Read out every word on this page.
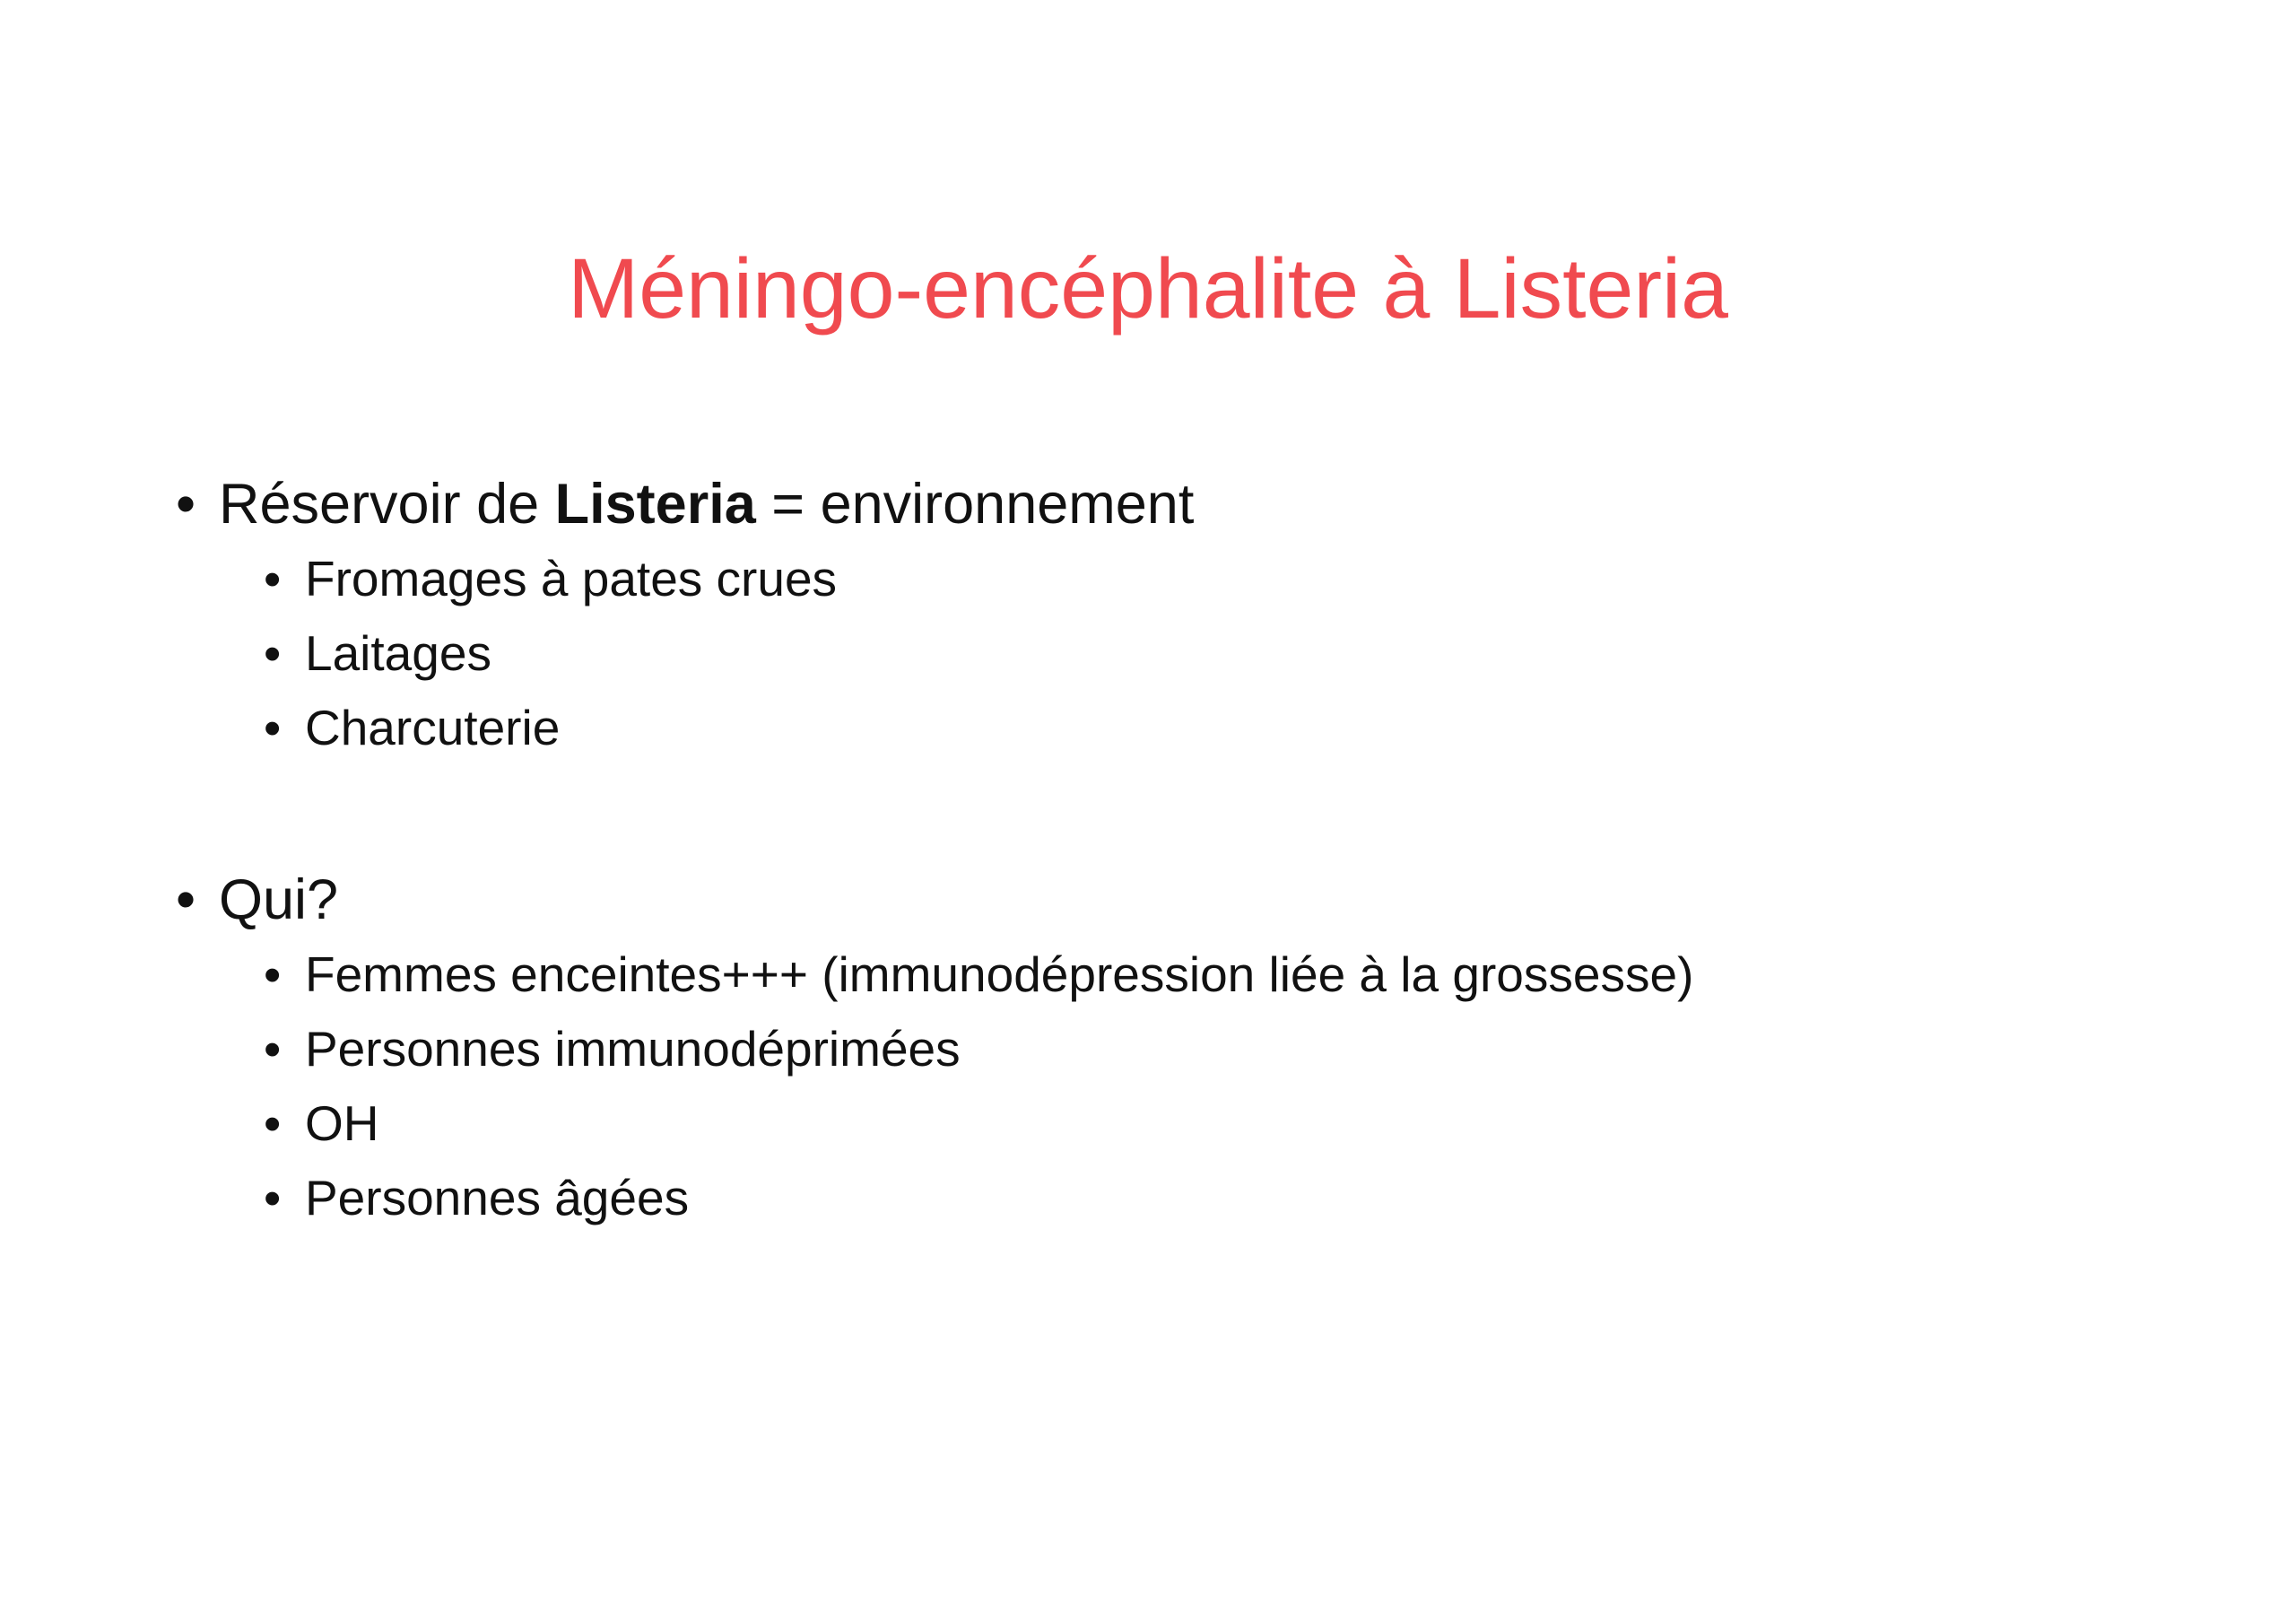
Méningo-encéphalite à Listeria
• Réservoir de Listeria = environnement
• Fromages à pates crues
• Laitages
• Charcuterie
• Qui?
• Femmes enceintes+++ (immunodépression liée à la grossesse)
• Personnes immunodéprimées
• OH
• Personnes âgées
